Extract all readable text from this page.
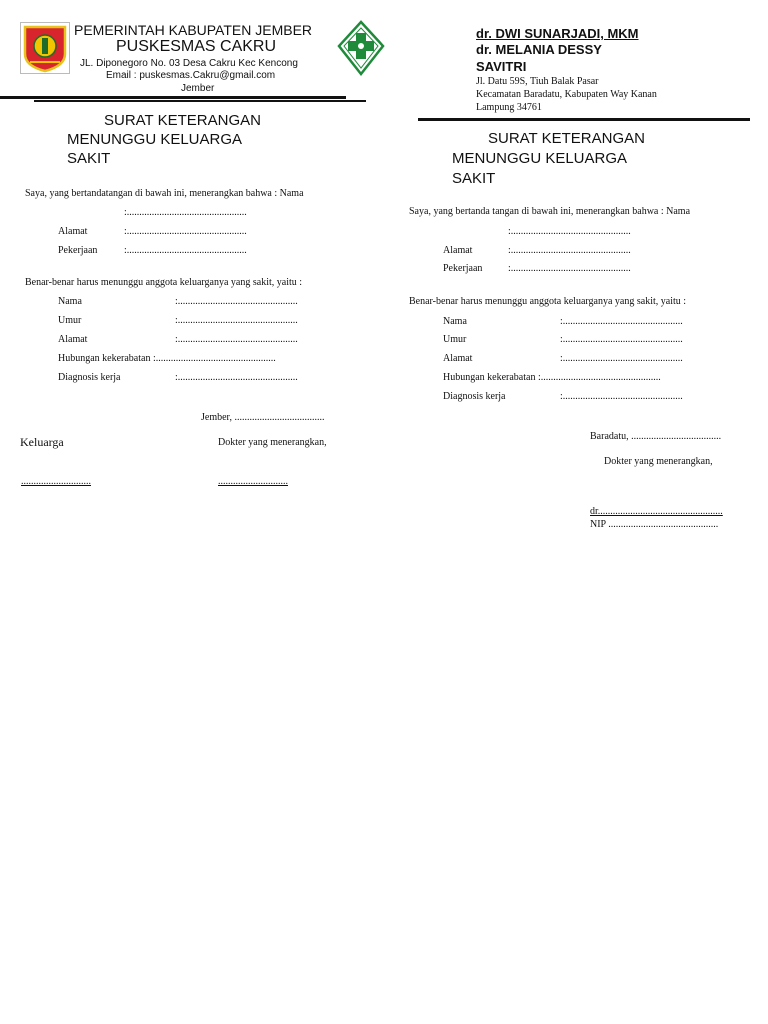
PEMERINTAH KABUPATEN JEMBER
PUSKESMAS CAKRU
JL. Diponegoro No. 03 Desa Cakru Kec Kencong
Email : puskesmas.Cakru@gmail.com
Jember
SURAT KETERANGAN
MENUNGGU KELUARGA
SAKIT
Saya, yang bertandatangan di bawah ini, menerangkan bahwa : Nama
:................................................
Alamat	:................................................
Pekerjaan	:................................................
Benar-benar harus menunggu anggota keluarganya yang sakit, yaitu :
Nama	:................................................
Umur	:................................................
Alamat	:................................................
Hubungan kekerabatan :................................................
Diagnosis kerja	:................................................
Jember, ....................................
Keluarga	Dokter yang menerangkan,
............................	............................
dr. DWI SUNARJADI, MKM
dr. MELANIA DESSY
SAVITRI
Jl. Datu 59S, Tiuh Balak Pasar
Kecamatan Baradatu, Kabupaten Way Kanan
Lampung 34761
SURAT KETERANGAN
MENUNGGU KELUARGA
SAKIT
Saya, yang bertanda tangan di bawah ini, menerangkan bahwa : Nama
:................................................
Alamat	:................................................
Pekerjaan	:................................................
Benar-benar harus menunggu anggota keluarganya yang sakit, yaitu :
Nama	:................................................
Umur	:................................................
Alamat	:................................................
Hubungan kekerabatan :................................................
Diagnosis kerja	:................................................
Baradatu, ....................................
Dokter yang menerangkan,
dr..................................................
NIP ............................................
